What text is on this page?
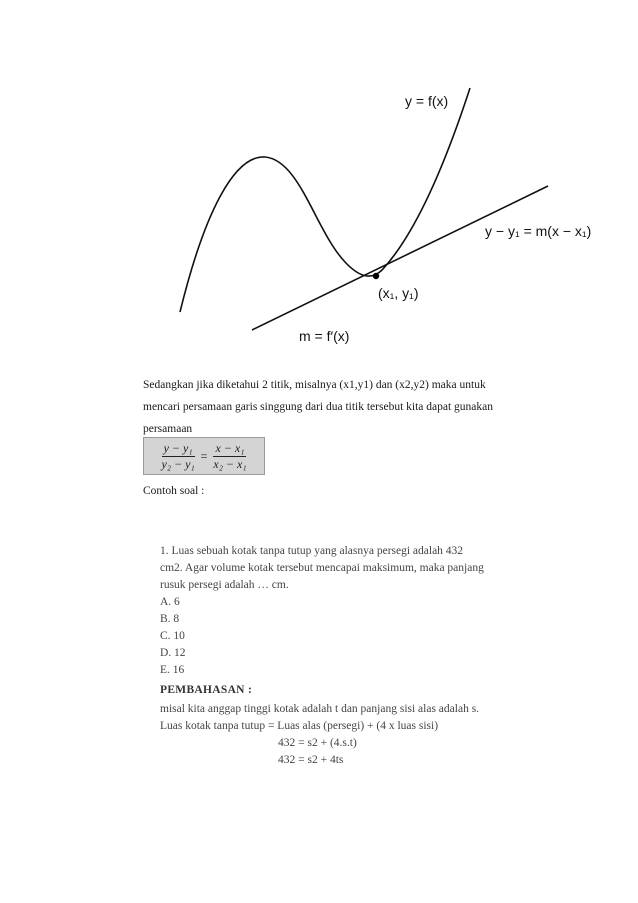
y = f(x)
y − y₁ = m(x − x₁)
(x₁, y₁)
m = f′(x)
Sedangkan jika diketahui 2 titik, misalnya (x1,y1) dan (x2,y2) maka untuk
mencari persamaan garis singgung dari dua titik tersebut kita dapat gunakan
persamaan
$\frac{\text{y − y₁}}{\text{y₂ − y₁}} = \frac{\text{x − x₁}}{\text{x₂ − x₁}}$
Contoh soal :
1. Luas sebuah kotak tanpa tutup yang alasnya persegi adalah 432
cm2. Agar volume kotak tersebut mencapai maksimum, maka panjang
rusuk persegi adalah … cm.
A. 6
B. 8
C. 10
D. 12
E. 16
PEMBAHASAN :
misal kita anggap tinggi kotak adalah t dan panjang sisi alas adalah s.
Luas kotak tanpa tutup = Luas alas (persegi) + (4 x luas sisi)
432 = s2 + (4.s.t)
432 = s2 + 4ts
